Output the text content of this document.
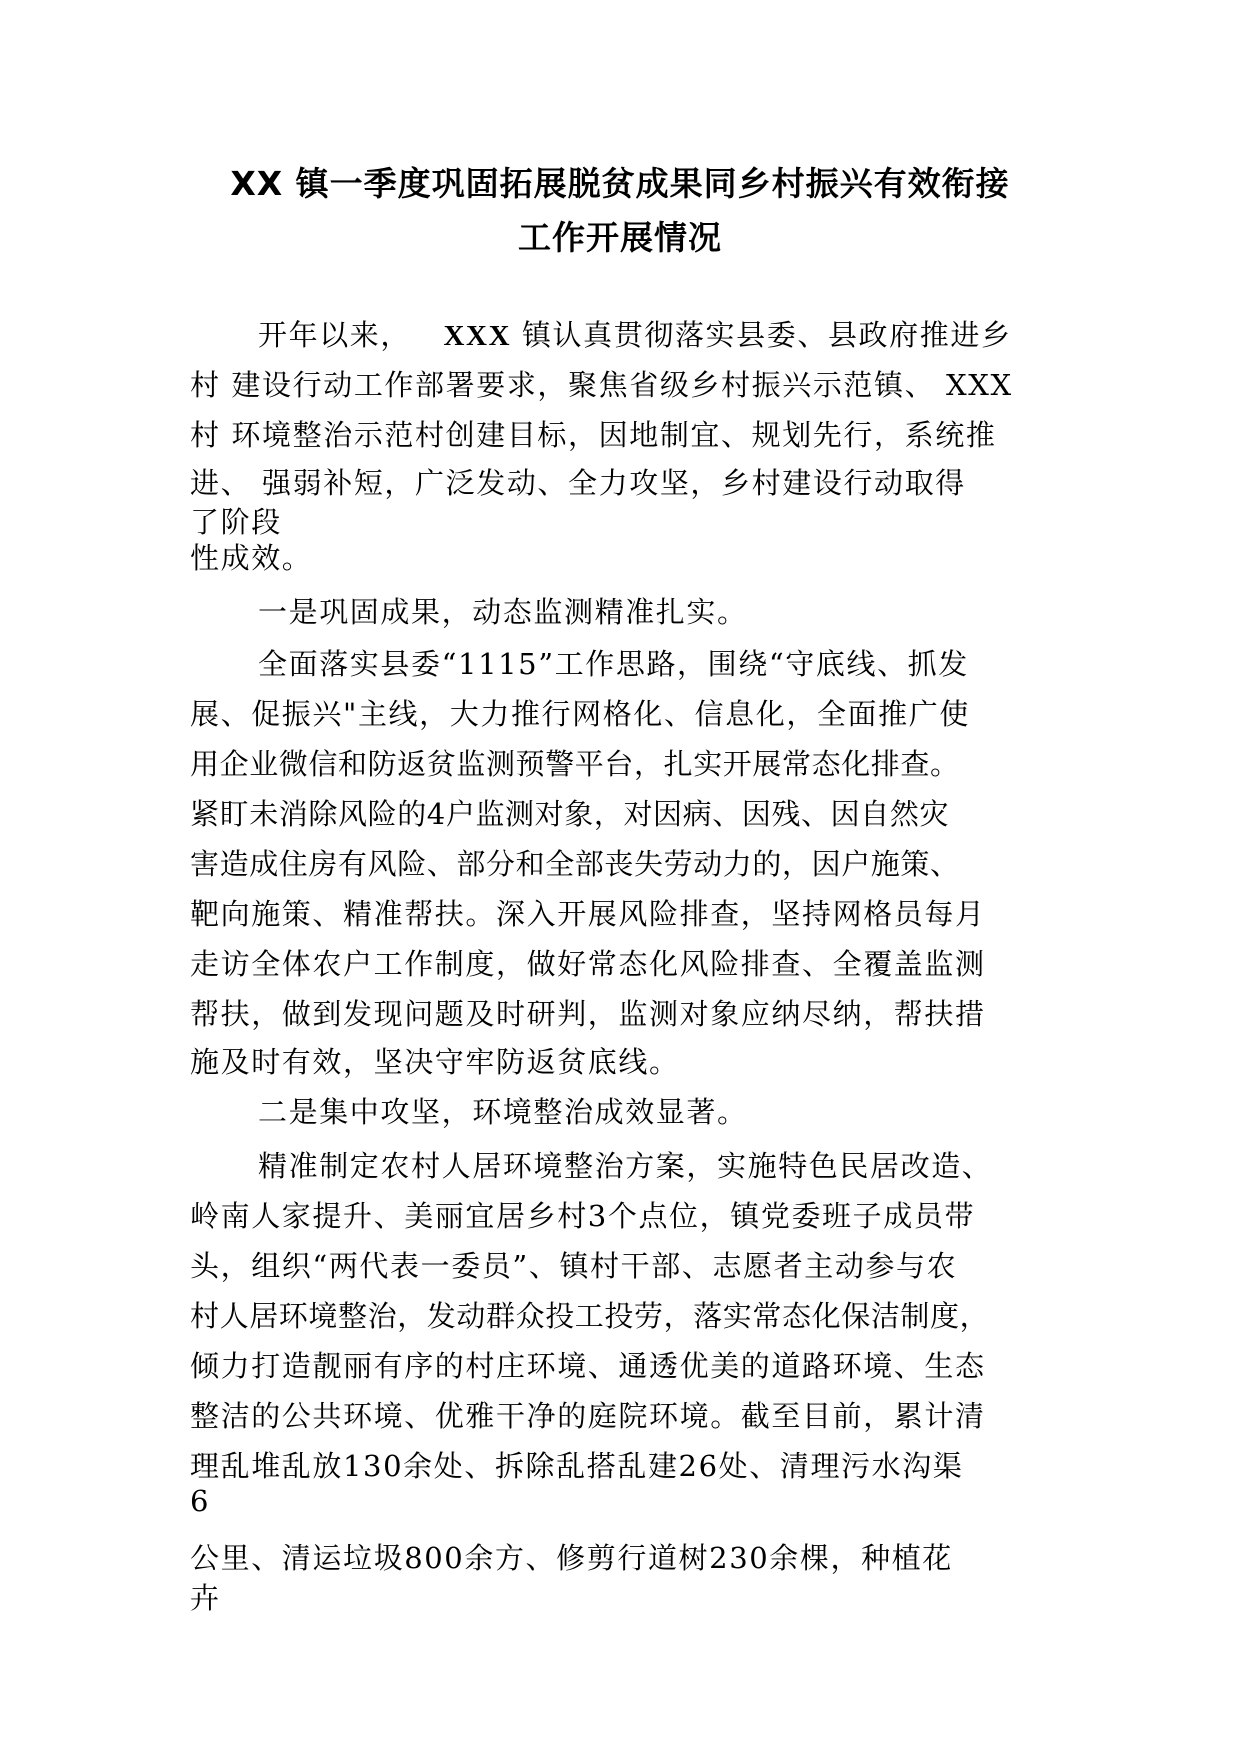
XX 镇一季度巩固拓展脱贫成果同乡村振兴有效衔接
工作开展情况

开年以来， XXX 镇认真贯彻落实县委、县政府推进乡

村 建设行动工作部署要求，聚焦省级乡村振兴示范镇、 XXX

村 环境整治示范村创建目标，因地制宜、规划先行，系统推

进、 强弱补短，广泛发动、全力攻坚，乡村建设行动取得

了阶段

性成效。

一是巩固成果，动态监测精准扎实。

全面落实县委“1115”工作思路，围绕“守底线、抓发

展、促振兴"主线，大力推行网格化、信息化，全面推广使

用企业微信和防返贫监测预警平台，扎实开展常态化排查。

紧盯未消除风险的4户监测对象，对因病、因残、因自然灾

害造成住房有风险、部分和全部丧失劳动力的，因户施策、

靶向施策、精准帮扶。深入开展风险排查，坚持网格员每月

走访全体农户工作制度，做好常态化风险排查、全覆盖监测

帮扶，做到发现问题及时研判，监测对象应纳尽纳，帮扶措

施及时有效，坚决守牢防返贫底线。

二是集中攻坚，环境整治成效显著。

精准制定农村人居环境整治方案，实施特色民居改造、

岭南人家提升、美丽宜居乡村3个点位，镇党委班子成员带

头，组织“两代表一委员”、镇村干部、志愿者主动参与农

村人居环境整治，发动群众投工投劳，落实常态化保洁制度，

倾力打造靓丽有序的村庄环境、通透优美的道路环境、生态

整洁的公共环境、优雅干净的庭院环境。截至目前，累计清

理乱堆乱放130余处、拆除乱搭乱建26处、清理污水沟渠

6

公里、清运垃圾800余方、修剪行道树230余棵，种植花

卉
